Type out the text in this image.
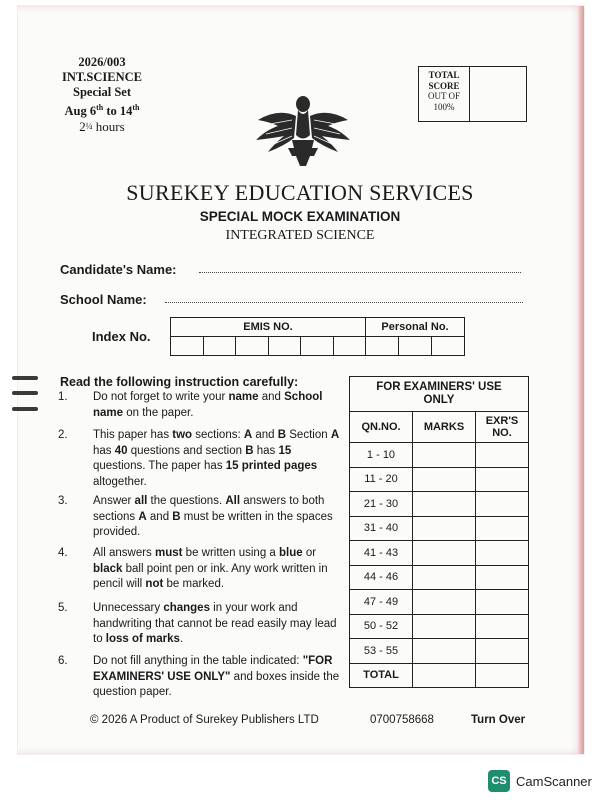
2026/003
INT.SCIENCE
Special Set
Aug 6th to 14th
2¼ hours
TOTAL
SCORE
OUT OF
100%
SUREKEY EDUCATION SERVICES
SPECIAL MOCK EXAMINATION
INTEGRATED SCIENCE
Candidate's Name:
School Name:
Index No.
EMIS NO.						Personal No.		

Read the following instruction carefully:
1. Do not forget to write your name and School name on the paper.
2. This paper has two sections: A and B Section A has 40 questions and section B has 15 questions. The paper has 15 printed pages altogether.
3. Answer all the questions. All answers to both sections A and B must be written in the spaces provided.
4. All answers must be written using a blue or black ball point pen or ink. Any work written in pencil will not be marked.
5. Unnecessary changes in your work and handwriting that cannot be read easily may lead to loss of marks.
6. Do not fill anything in the table indicated: "FOR EXAMINERS' USE ONLY" and boxes inside the question paper.
FOR EXAMINERS' USE ONLY		
QN.NO.	MARKS	EXR'S NO.
1 - 10		
11 - 20		
21 - 30		
31 - 40		
41 - 43		
44 - 46		
47 - 49		
50 - 52		
53 - 55		
TOTAL		
© 2026 A Product of Surekey Publishers LTD	0700758668	Turn Over
CS CamScanner
